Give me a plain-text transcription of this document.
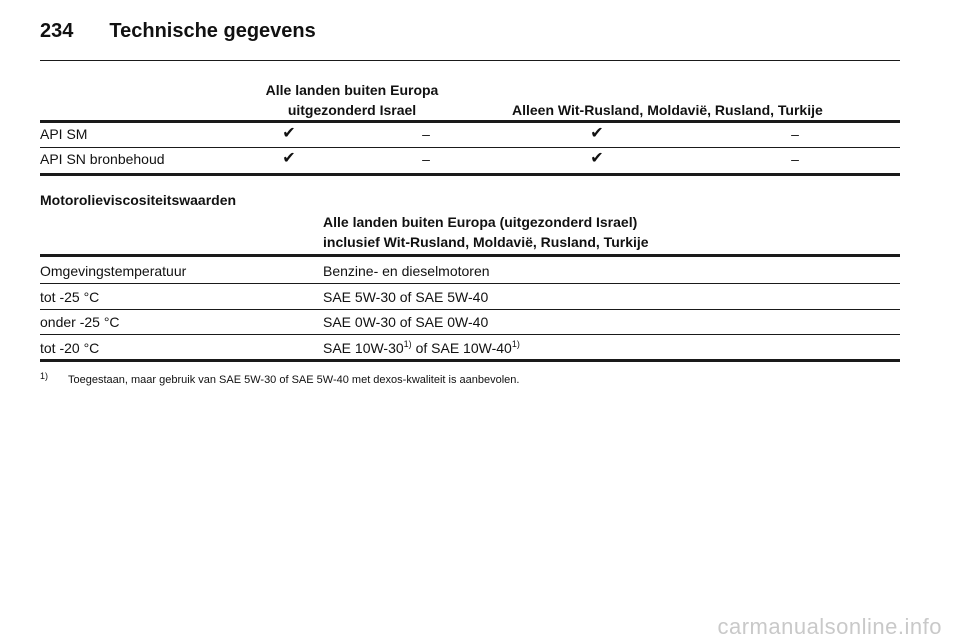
234 Technische gegevens
Alle landen buiten Europa
uitgezonderd Israel	Alleen Wit-Rusland, Moldavië, Rusland, Turkije
API SM	✔	–	✔	–
API SN bronbehoud	✔	–	✔	–
Motorolieviscositeitswaarden
Alle landen buiten Europa (uitgezonderd Israel)
inclusief Wit-Rusland, Moldavië, Rusland, Turkije
Omgevingstemperatuur	Benzine- en dieselmotoren
tot -25 °C	SAE 5W-30 of SAE 5W-40
onder -25 °C	SAE 0W-30 of SAE 0W-40
tot -20 °C	SAE 10W-30$^{1)}$ of SAE 10W-40$^{1)}$
1)	Toegestaan, maar gebruik van SAE 5W-30 of SAE 5W-40 met dexos-kwaliteit is aanbevolen.
carmanualsonline.info
